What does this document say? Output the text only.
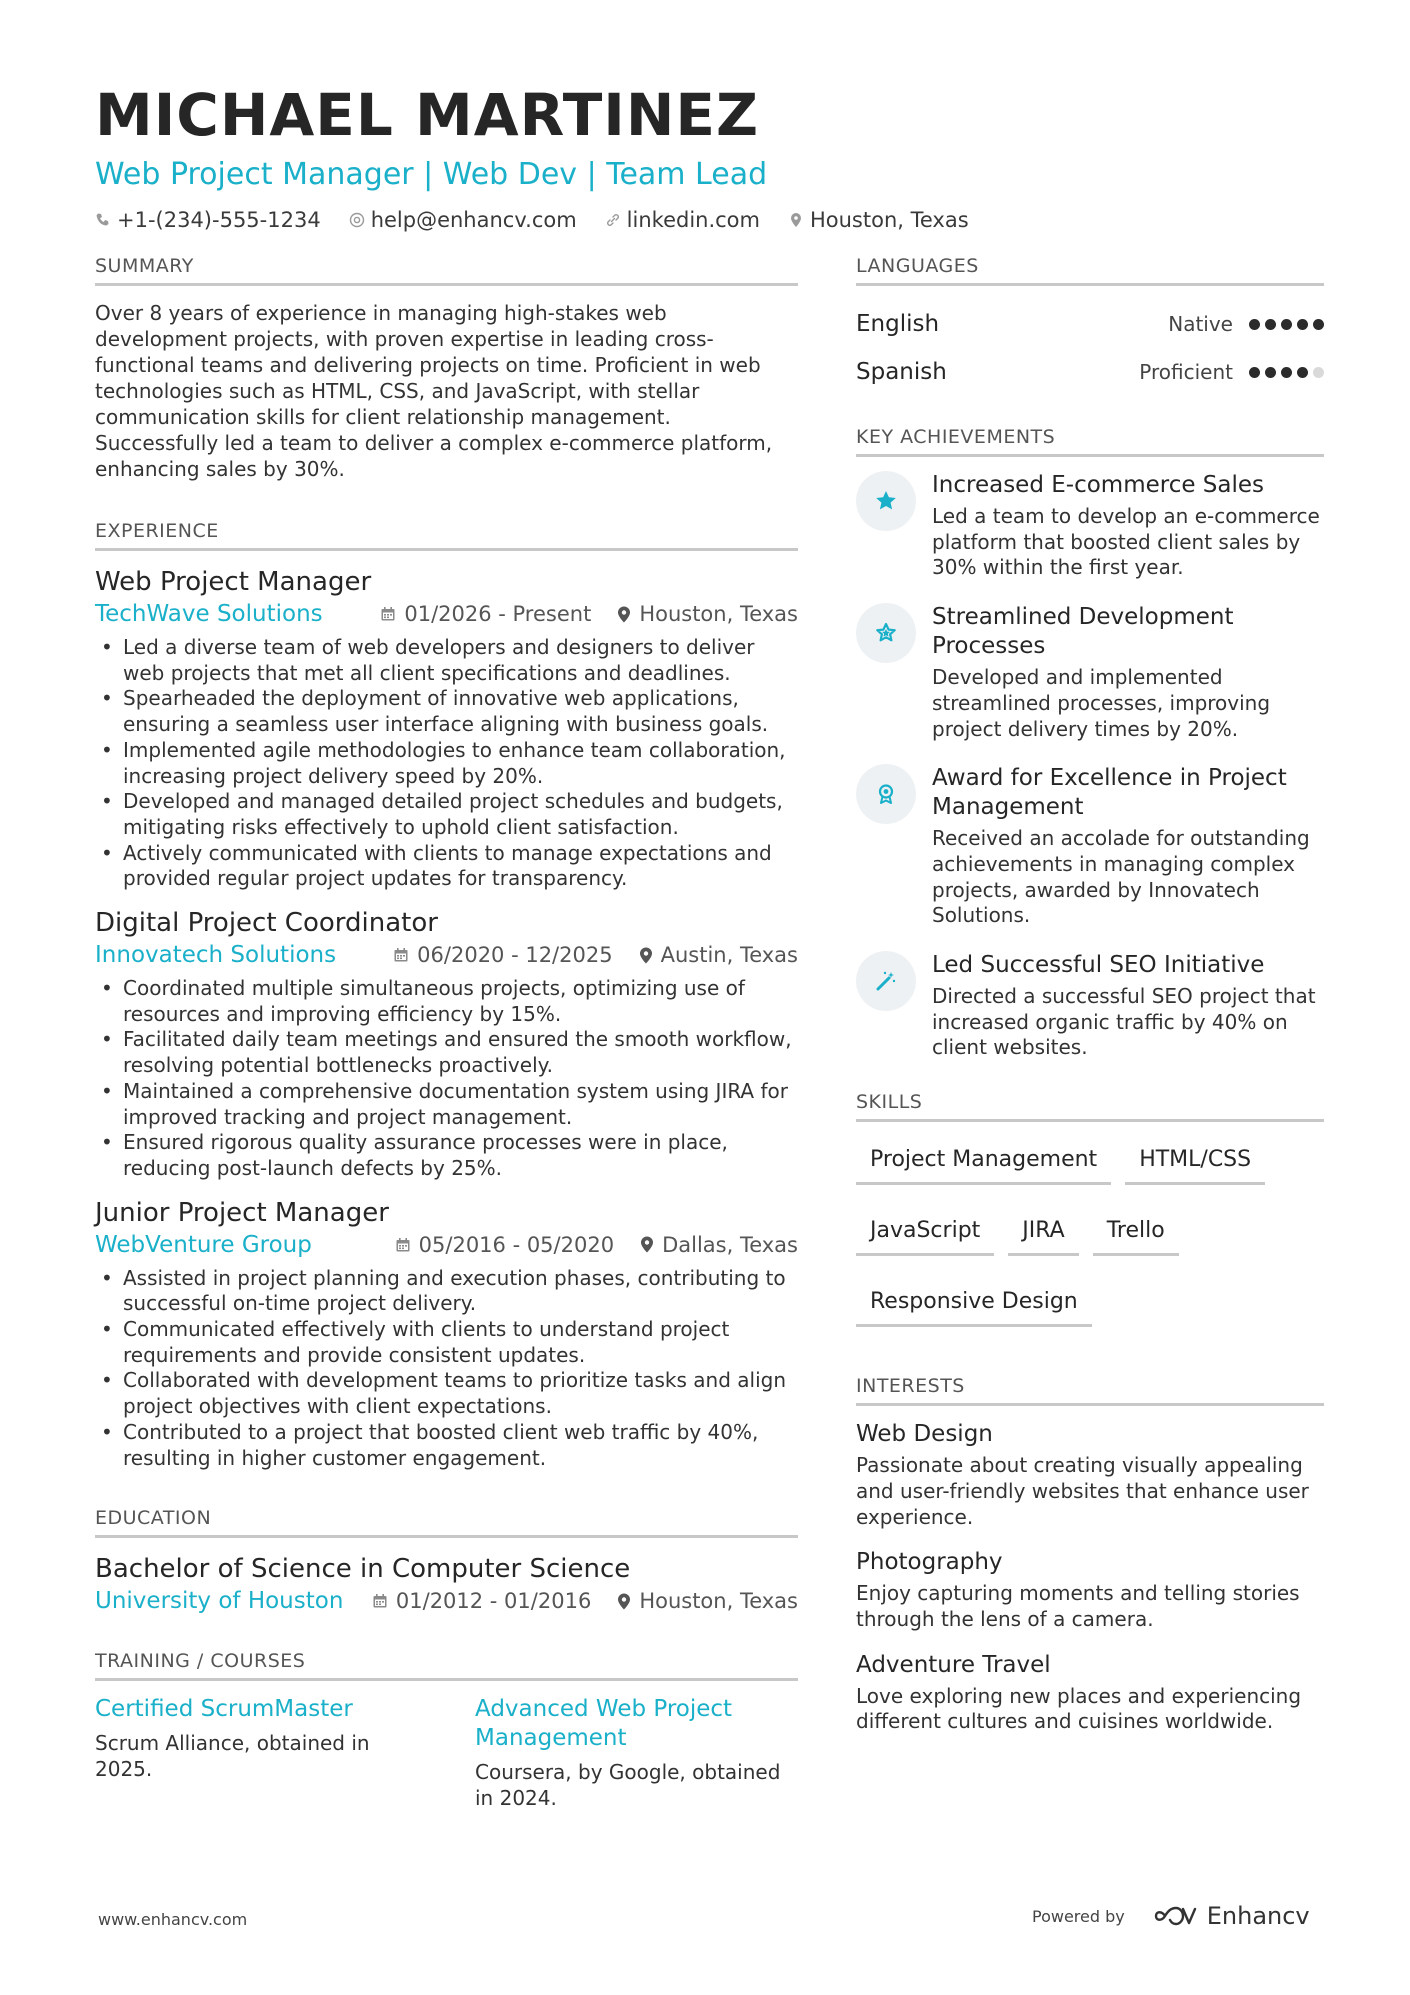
MICHAEL MARTINEZ
Web Project Manager | Web Dev | Team Lead
+1-(234)-555-1234 help@enhancv.com linkedin.com Houston, Texas
SUMMARY
Over 8 years of experience in managing high-stakes web development projects, with proven expertise in leading cross-functional teams and delivering projects on time. Proficient in web technologies such as HTML, CSS, and JavaScript, with stellar communication skills for client relationship management. Successfully led a team to deliver a complex e-commerce platform, enhancing sales by 30%.
EXPERIENCE
Web Project Manager
TechWave Solutions	01/2026 - Present Houston, Texas
• Led a diverse team of web developers and designers to deliver web projects that met all client specifications and deadlines.
• Spearheaded the deployment of innovative web applications, ensuring a seamless user interface aligning with business goals.
• Implemented agile methodologies to enhance team collaboration, increasing project delivery speed by 20%.
• Developed and managed detailed project schedules and budgets, mitigating risks effectively to uphold client satisfaction.
• Actively communicated with clients to manage expectations and provided regular project updates for transparency.
Digital Project Coordinator
Innovatech Solutions	06/2020 - 12/2025 Austin, Texas
• Coordinated multiple simultaneous projects, optimizing use of resources and improving efficiency by 15%.
• Facilitated daily team meetings and ensured the smooth workflow, resolving potential bottlenecks proactively.
• Maintained a comprehensive documentation system using JIRA for improved tracking and project management.
• Ensured rigorous quality assurance processes were in place, reducing post-launch defects by 25%.
Junior Project Manager
WebVenture Group	05/2016 - 05/2020 Dallas, Texas
• Assisted in project planning and execution phases, contributing to successful on-time project delivery.
• Communicated effectively with clients to understand project requirements and provide consistent updates.
• Collaborated with development teams to prioritize tasks and align project objectives with client expectations.
• Contributed to a project that boosted client web traffic by 40%, resulting in higher customer engagement.
EDUCATION
Bachelor of Science in Computer Science
University of Houston 01/2012 - 01/2016 Houston, Texas
TRAINING / COURSES
Certified ScrumMaster
Scrum Alliance, obtained in 2025.
Advanced Web Project Management
Coursera, by Google, obtained in 2024.
LANGUAGES
English	Native
Spanish	Proficient
KEY ACHIEVEMENTS
Increased E-commerce Sales
Led a team to develop an e-commerce platform that boosted client sales by 30% within the first year.
Streamlined Development Processes
Developed and implemented streamlined processes, improving project delivery times by 20%.
Award for Excellence in Project Management
Received an accolade for outstanding achievements in managing complex projects, awarded by Innovatech Solutions.
Led Successful SEO Initiative
Directed a successful SEO project that increased organic traffic by 40% on client websites.
SKILLS
Project Management	HTML/CSS
JavaScript	JIRA	Trello
Responsive Design
INTERESTS
Web Design
Passionate about creating visually appealing and user-friendly websites that enhance user experience.
Photography
Enjoy capturing moments and telling stories through the lens of a camera.
Adventure Travel
Love exploring new places and experiencing different cultures and cuisines worldwide.
www.enhancv.com	Powered by	Enhancv
